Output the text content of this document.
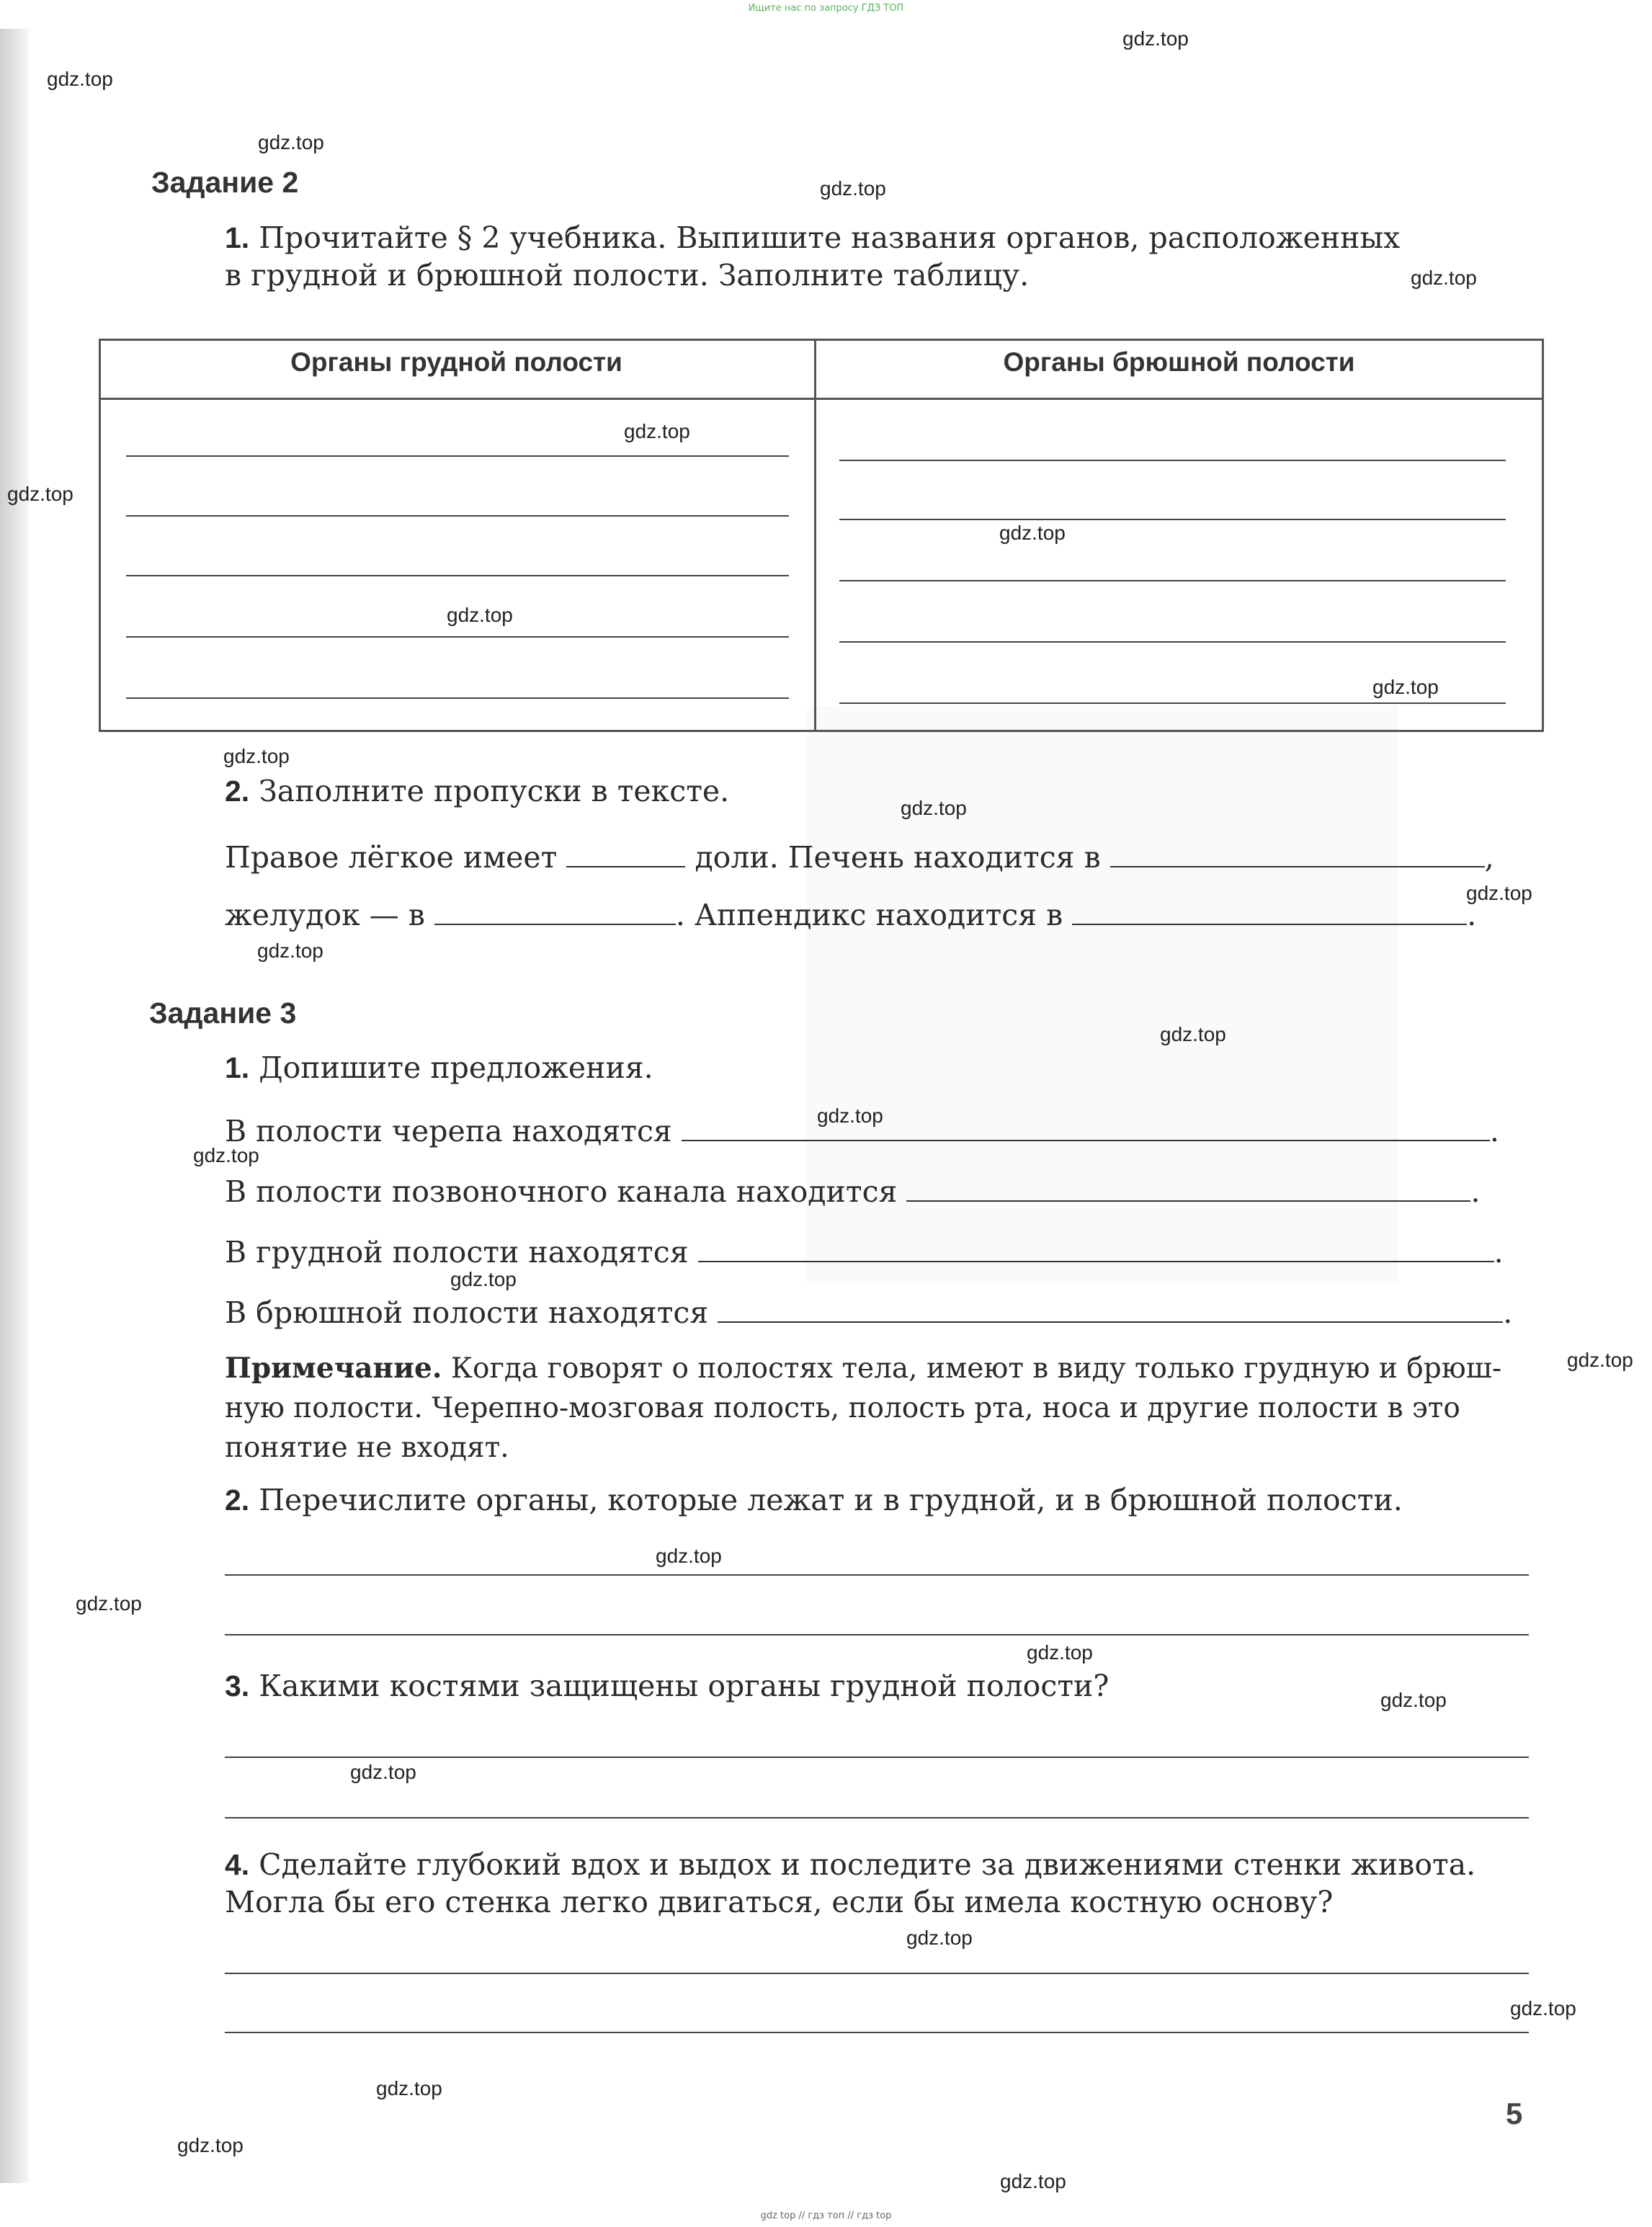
Ищите нас по запросу ГДЗ ТОП
Задание 2
1. Прочитайте § 2 учебника. Выпишите названия органов, расположенных
в грудной и брюшной полости. Заполните таблицу.
Органы грудной полости	Органы брюшной полости
2. Заполните пропуски в тексте.
Правое лёгкое имеет	доли. Печень находится в	,
желудок — в	. Аппендикс находится в	.
Задание 3
1. Допишите предложения.
В полости черепа находятся	.
В полости позвоночного канала находится	.
В грудной полости находятся	.
В брюшной полости находятся	.
Примечание. Когда говорят о полостях тела, имеют в виду только грудную и брюш-
ную полости. Черепно-мозговая полость, полость рта, носа и другие полости в это
понятие не входят.
2. Перечислите органы, которые лежат и в грудной, и в брюшной полости.
3. Какими костями защищены органы грудной полости?
4. Сделайте глубокий вдох и выдох и последите за движениями стенки живота.
Могла бы его стенка легко двигаться, если бы имела костную основу?
5
gdz.top
gdz.top
gdz.top
gdz.top
gdz.top
gdz.top
gdz.top
gdz.top
gdz.top
gdz.top
gdz.top
gdz.top
gdz.top
gdz.top
gdz.top
gdz.top
gdz.top
gdz.top
gdz.top
gdz.top
gdz.top
gdz.top
gdz.top
gdz.top
gdz.top
gdz.top
gdz.top
gdz.top
gdz.top
gdz top // гдз топ // гдз top
